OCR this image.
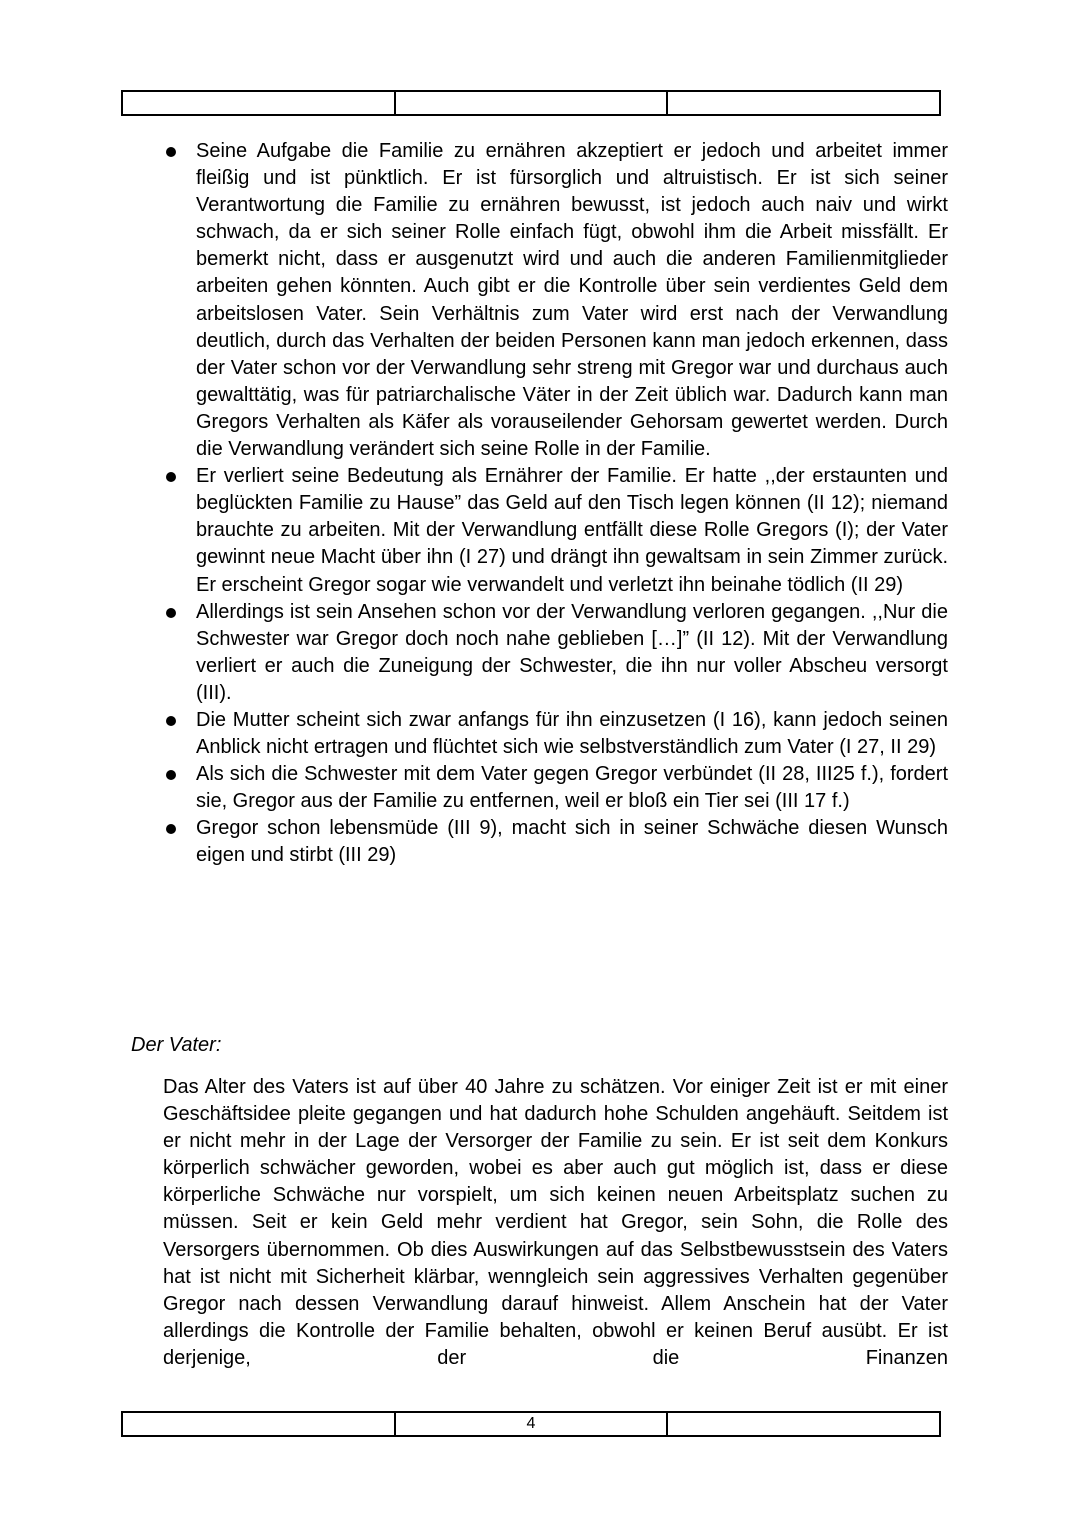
Seine Aufgabe die Familie zu ernähren akzeptiert er jedoch und arbeitet immer fleißig und ist pünktlich. Er ist fürsorglich und altruistisch. Er ist sich seiner Verantwortung die Familie zu ernähren bewusst, ist jedoch auch naiv und wirkt schwach, da er sich seiner Rolle einfach fügt, obwohl ihm die Arbeit missfällt. Er bemerkt nicht, dass er ausgenutzt wird und auch die anderen Familienmitglieder arbeiten gehen könnten. Auch gibt er die Kontrolle über sein verdientes Geld dem arbeitslosen Vater. Sein Verhältnis zum Vater wird erst nach der Verwandlung deutlich, durch das Verhalten der beiden Personen kann man jedoch erkennen, dass der Vater schon vor der Verwandlung sehr streng mit Gregor war und durchaus auch gewalttätig, was für patriarchalische Väter in der Zeit üblich war. Dadurch kann man Gregors Verhalten als Käfer als vorauseilender Gehorsam gewertet werden. Durch die Verwandlung verändert sich seine Rolle in der Familie.
Er verliert seine Bedeutung als Ernährer der Familie. Er hatte ,,der erstaunten und beglückten Familie zu Hause” das Geld auf den Tisch legen können (II 12); niemand brauchte zu arbeiten. Mit der Verwandlung entfällt diese Rolle Gregors (I); der Vater gewinnt neue Macht über ihn (I 27) und drängt ihn gewaltsam in sein Zimmer zurück. Er erscheint Gregor sogar wie verwandelt und verletzt ihn beinahe tödlich (II 29)
Allerdings ist sein Ansehen schon vor der Verwandlung verloren gegangen. ,,Nur die Schwester war Gregor doch noch nahe geblieben […]” (II 12). Mit der Verwandlung verliert er auch die Zuneigung der Schwester, die ihn nur voller Abscheu versorgt (III).
Die Mutter scheint sich zwar anfangs für ihn einzusetzen (I 16), kann jedoch seinen Anblick nicht ertragen und flüchtet sich wie selbstverständlich zum Vater (I 27, II 29)
Als sich die Schwester mit dem Vater gegen Gregor verbündet (II 28, III25 f.), fordert sie, Gregor aus der Familie zu entfernen, weil er bloß ein Tier sei (III 17 f.)
Gregor schon lebensmüde (III 9), macht sich in seiner Schwäche diesen Wunsch eigen und stirbt (III 29)
Der Vater:

Das Alter des Vaters ist auf über 40 Jahre zu schätzen. Vor einiger Zeit ist er mit einer Geschäftsidee pleite gegangen und hat dadurch hohe Schulden angehäuft. Seitdem ist er nicht mehr in der Lage der Versorger der Familie zu sein. Er ist seit dem Konkurs körperlich schwächer geworden, wobei es aber auch gut möglich ist, dass er diese körperliche Schwäche nur vorspielt, um sich keinen neuen Arbeitsplatz suchen zu müssen. Seit er kein Geld mehr verdient hat Gregor, sein Sohn, die Rolle des Versorgers übernommen. Ob dies Auswirkungen auf das Selbstbewusstsein des Vaters hat ist nicht mit Sicherheit klärbar, wenngleich sein aggressives Verhalten gegenüber Gregor nach dessen Verwandlung darauf hinweist. Allem Anschein hat der Vater allerdings die Kontrolle der Familie behalten, obwohl er keinen Beruf ausübt. Er ist derjenige, der die Finanzen

	4	
